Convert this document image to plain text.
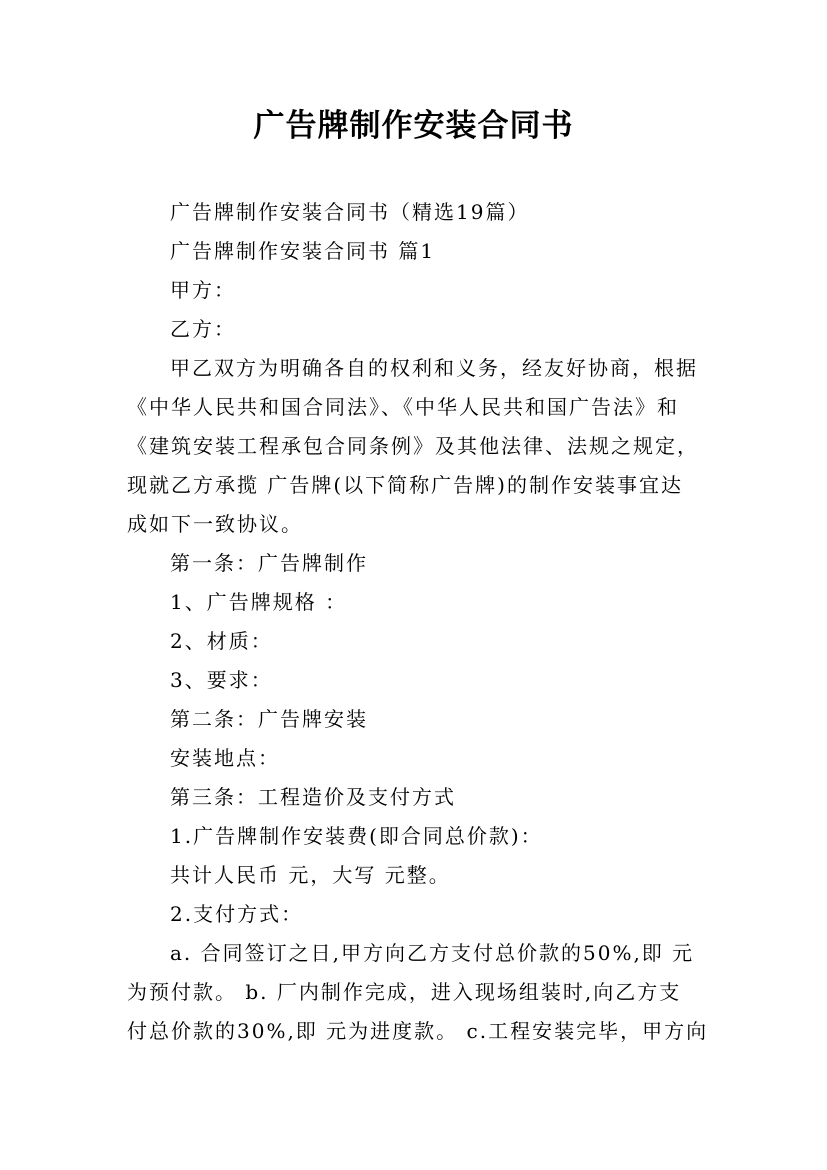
广告牌制作安装合同书

广告牌制作安装合同书（精选19篇）

广告牌制作安装合同书 篇1

甲方：

乙方：

甲乙双方为明确各自的权利和义务，经友好协商，根据
《中华人民共和国合同法》、《中华人民共和国广告法》和
《建筑安装工程承包合同条例》及其他法律、法规之规定，
现就乙方承揽 广告牌(以下简称广告牌)的制作安装事宜达
成如下一致协议。

第一条：广告牌制作

1、广告牌规格 ：

2、材质：

3、要求：

第二条：广告牌安装

安装地点：

第三条：工程造价及支付方式

1.广告牌制作安装费(即合同总价款)：

共计人民币 元，大写 元整。

2.支付方式：

a. 合同签订之日,甲方向乙方支付总价款的50%,即 元
为预付款。 b. 厂内制作完成，进入现场组装时,向乙方支
付总价款的30%,即 元为进度款。 c.工程安装完毕，甲方向
